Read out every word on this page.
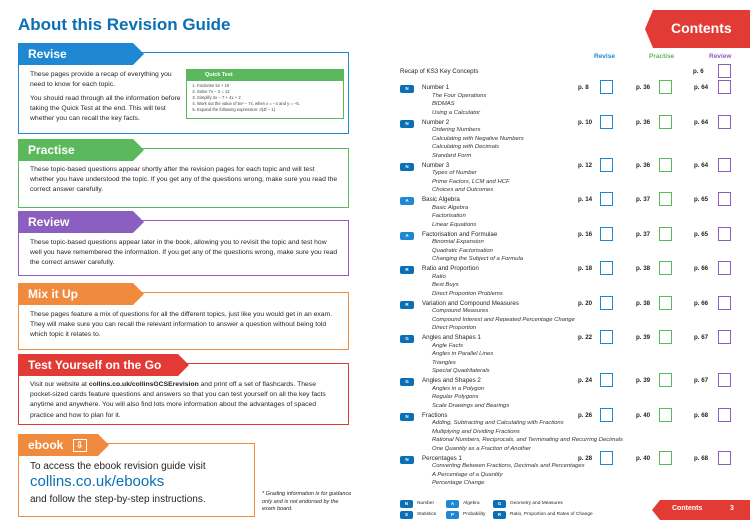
About this Revision Guide
Revise
These pages provide a recap of everything you need to know for each topic.
You should read through all the information before taking the Quick Test at the end. This will test whether you can recall the key facts.
Quick Test
1. Factorise 5x + 10
2. Solve 7x − 2 = 12
3. Simplify 2x − 7 + 4x + 2
4. Work out the value of 5x² − 7x, when x = −4 and y = −5.
5. Expand the following expression: 3(4f − 1)
Practise
These topic-based questions appear shortly after the revision pages for each topic and will test whether you have understood the topic. If you get any of the questions wrong, make sure you read the correct answer carefully.
Review
These topic-based questions appear later in the book, allowing you to revisit the topic and test how well you have remembered the information. If you get any of the questions wrong, make sure you read the correct answer carefully.
Mix it Up
These pages feature a mix of questions for all the different topics, just like you would get in an exam. They will make sure you can recall the relevant information to answer a question without being told which topic it relates to.
Test Yourself on the Go
Visit our website at collins.co.uk/collinsGCSErevision and print off a set of flashcards. These pocket-sized cards feature questions and answers so that you can test yourself on all the key facts anytime and anywhere. You will also find lots more information about the advantages of spaced practice and how to plan for it.
ebook ⇩
To access the ebook revision guide visit
collins.co.uk/ebooks
and follow the step-by-step instructions.	* Grading information is for guidance only and is not endorsed by the exam board.
Contents
Revise	Practise	Review
Recap of KS3 Key Concepts	p. 6
N	Number 1	p. 8	p. 36	p. 64
The Four Operations
BIDMAS
Using a Calculator
N	Number 2	p. 10	p. 36	p. 64
Ordering Numbers
Calculating with Negative Numbers
Calculating with Decimals
Standard Form
N	Number 3	p. 12	p. 36	p. 64
Types of Number
Prime Factors, LCM and HCF
Choices and Outcomes
A	Basic Algebra	p. 14	p. 37	p. 65
Basic Algebra
Factorisation
Linear Equations
A	Factorisation and Formulae	p. 16	p. 37	p. 65
Binomial Expansion
Quadratic Factorisation
Changing the Subject of a Formula
R	Ratio and Proportion	p. 18	p. 38	p. 66
Ratio
Best Buys
Direct Proportion Problems
R	Variation and Compound Measures	p. 20	p. 38	p. 66
Compound Measures
Compound Interest and Repeated Percentage Change
Direct Proportion
G	Angles and Shapes 1	p. 22	p. 39	p. 67
Angle Facts
Angles in Parallel Lines
Triangles
Special Quadrilaterals
G	Angles and Shapes 2	p. 24	p. 39	p. 67
Angles in a Polygon
Regular Polygons
Scale Drawings and Bearings
N	Fractions	p. 26	p. 40	p. 68
Adding, Subtracting and Calculating with Fractions
Multiplying and Dividing Fractions
Rational Numbers, Reciprocals, and Terminating and Recurring Decimals
One Quantity as a Fraction of Another
N	Percentages 1	p. 28	p. 40	p. 68
Converting Between Fractions, Decimals and Percentages
A Percentage of a Quantity
Percentage Change
N	Number	A	Algebra	G	Geometry and Measures
S	Statistics	P	Probability	R	Ratio, Proportion and Rates of Change
Contents	3
